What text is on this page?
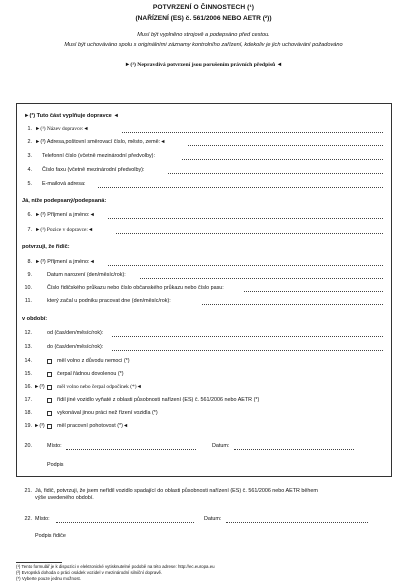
POTVRZENÍ O ČINNOSTECH (¹)
(NAŘÍZENÍ (ES) č. 561/2006 NEBO AETR (²))
Musí být vyplněno strojově a podepsáno před cestou.
Musí být uchováváno spolu s originálními záznamy kontrolního zařízení, kdekoliv je jich uchovávání požadováno
►(³) Nepravdivá potvrzení jsou porušením právních předpisů ◄
►(³) Tuto část vyplňuje dopravce ◄
1. ►(³) Název dopravce:◄
2. ►(³) Adresa,poštovní směrovací číslo, město, země:◄
3. Telefonní číslo (včetně mezinárodní předvolby):
4. Číslo faxu (včetně mezinárodní předvolby):
5. E-mailová adresa:
Já, níže podepsaný/podepsaná:
6. ►(³) Příjmení a jméno:◄
7. ►(³) Pozice v dopravce:◄
potvrzuji, že řidič:
8. ►(³) Příjmení a jméno:◄
9.	Datum narození (den/měsíc/rok):
10.	Číslo řidičského průkazu nebo číslo občanského průkazu nebo číslo pasu:
11.	který začal u podniku pracovat dne (den/měsíc/rok):
v období:
12.	od (čas/den/měsíc/rok):
13.	do (čas/den/měsíc/rok):
14.	měl volno z důvodu nemoci (*)
15.	čerpal řádnou dovolenou (*)
16. ►(³) měl volno nebo čerpal odpočinek (*)◄
17.	řídil jiné vozidlo vyňaté z oblasti působnosti nařízení (ES) č. 561/2006 nebo AETR (*)
18.	vykonával jinou práci než řízení vozidla (*)
19. ►(³) měl pracovní pohotovost (*)◄
20.	Místo:	Datum:
Podpis
21. Já, řidič, potvrzuji, že jsem neřídil vozidlo spadající do oblasti působnosti nařízení (ES) č. 561/2006 nebo AETR během
výše uvedeného období.
22. Místo:	Datum:
Podpis řidiče
(¹) Tento formulář je k dispozici v elektronické vytisknutelné podobě na této adrese: http://ec.europa.eu
(²) Evropská dohoda o práci osádek vozidel v mezinárodní silniční dopravě.
(*) Vyberte pouze jednu možnost.
